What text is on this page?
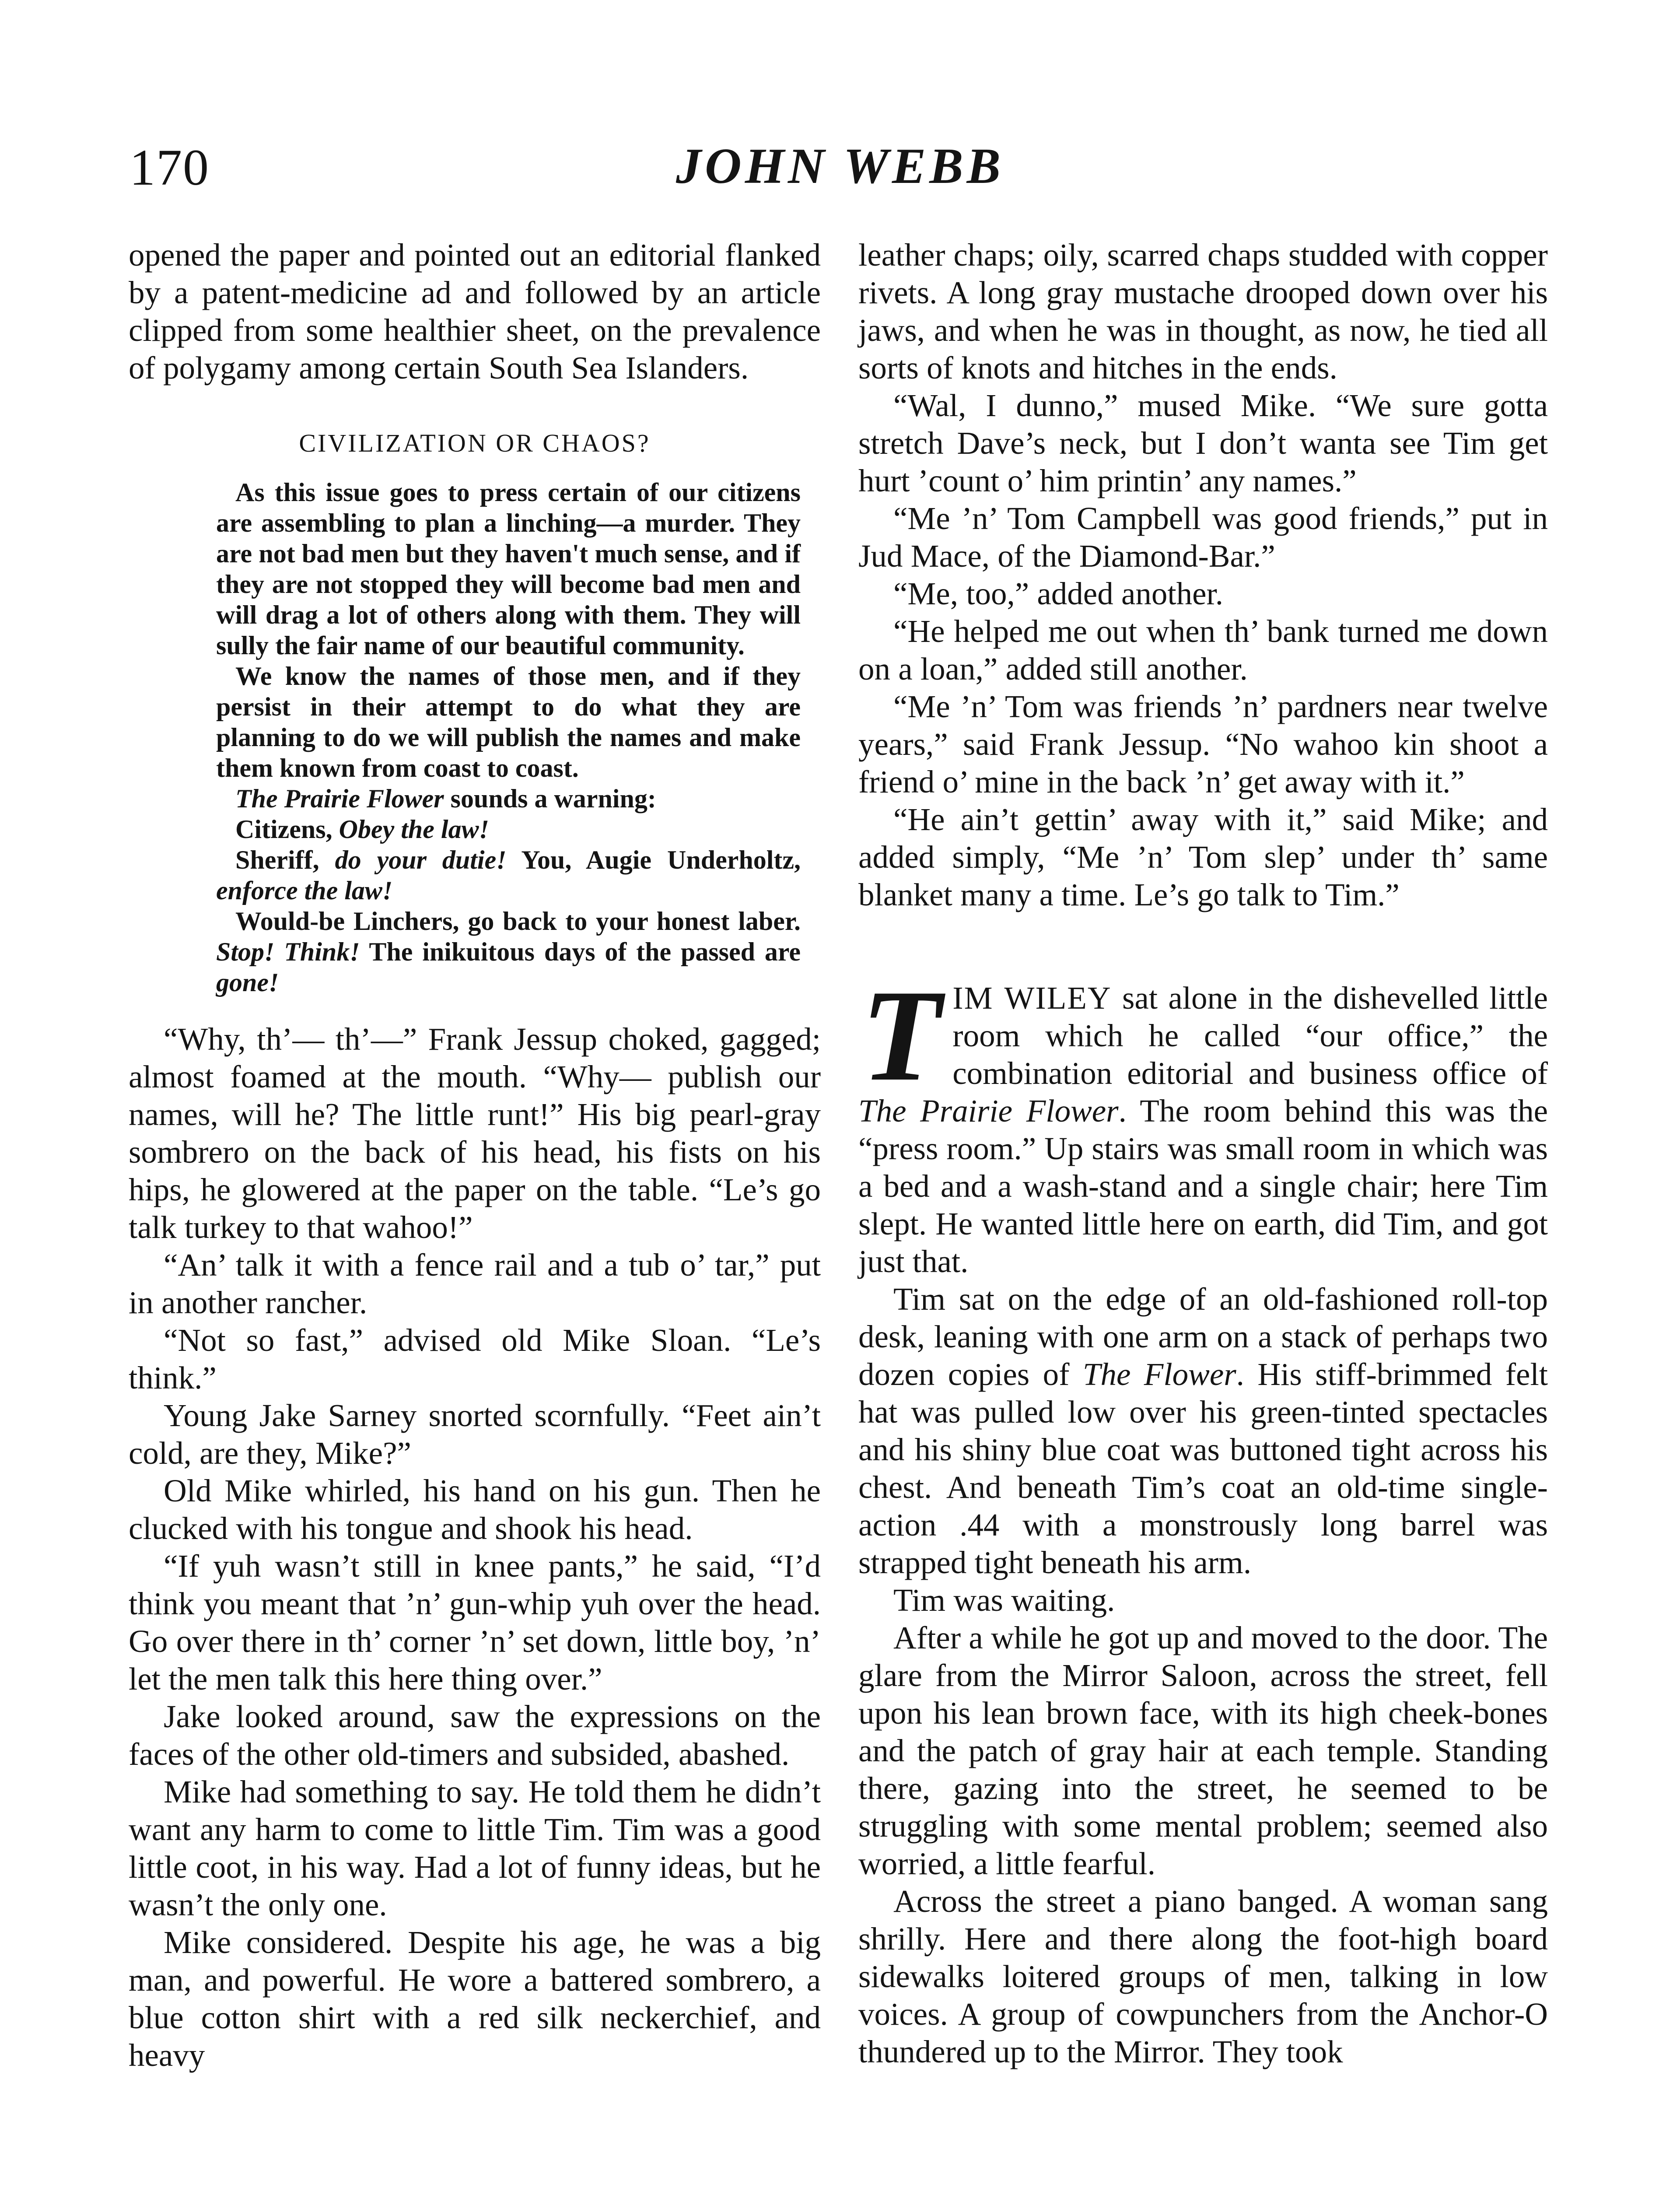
170	JOHN WEBB

opened the paper and pointed out an editorial flanked by a patent-medicine ad and followed by an article clipped from some healthier sheet, on the prevalence of polygamy among certain South Sea Islanders.

CIVILIZATION OR CHAOS?

As this issue goes to press certain of our citizens are assembling to plan a linching—a murder. They are not bad men but they haven't much sense, and if they are not stopped they will become bad men and will drag a lot of others along with them. They will sully the fair name of our beautiful community.

We know the names of those men, and if they persist in their attempt to do what they are planning to do we will publish the names and make them known from coast to coast.

The Prairie Flower sounds a warning:

Citizens, Obey the law!

Sheriff, do your dutie! You, Augie Underholtz, enforce the law!

Would-be Linchers, go back to your honest laber. Stop! Think! The inikuitous days of the passed are gone!

“Why, th’— th’—” Frank Jessup choked, gagged; almost foamed at the mouth. “Why— publish our names, will he? The little runt!” His big pearl-gray sombrero on the back of his head, his fists on his hips, he glowered at the paper on the table. “Le’s go talk turkey to that wahoo!”

“An’ talk it with a fence rail and a tub o’ tar,” put in another rancher.

“Not so fast,” advised old Mike Sloan. “Le’s think.”

Young Jake Sarney snorted scornfully. “Feet ain’t cold, are they, Mike?”

Old Mike whirled, his hand on his gun. Then he clucked with his tongue and shook his head.

“If yuh wasn’t still in knee pants,” he said, “I’d think you meant that ’n’ gun-whip yuh over the head. Go over there in th’ corner ’n’ set down, little boy, ’n’ let the men talk this here thing over.”

Jake looked around, saw the expressions on the faces of the other old-timers and subsided, abashed.

Mike had something to say. He told them he didn’t want any harm to come to little Tim. Tim was a good little coot, in his way. Had a lot of funny ideas, but he wasn’t the only one.

Mike considered. Despite his age, he was a big man, and powerful. He wore a battered sombrero, a blue cotton shirt with a red silk neckerchief, and heavy

leather chaps; oily, scarred chaps studded with copper rivets. A long gray mustache drooped down over his jaws, and when he was in thought, as now, he tied all sorts of knots and hitches in the ends.

“Wal, I dunno,” mused Mike. “We sure gotta stretch Dave’s neck, but I don’t wanta see Tim get hurt ’count o’ him printin’ any names.”

“Me ’n’ Tom Campbell was good friends,” put in Jud Mace, of the Diamond-Bar.”

“Me, too,” added another.

“He helped me out when th’ bank turned me down on a loan,” added still another.

“Me ’n’ Tom was friends ’n’ pardners near twelve years,” said Frank Jessup. “No wahoo kin shoot a friend o’ mine in the back ’n’ get away with it.”

“He ain’t gettin’ away with it,” said Mike; and added simply, “Me ’n’ Tom slep’ under th’ same blanket many a time. Le’s go talk to Tim.”

T IM WILEY sat alone in the dishevelled little room which he called “our office,” the combination editorial and business office of The Prairie Flower. The room behind this was the “press room.” Up stairs was small room in which was a bed and a wash-stand and a single chair; here Tim slept. He wanted little here on earth, did Tim, and got just that.

Tim sat on the edge of an old-fashioned roll-top desk, leaning with one arm on a stack of perhaps two dozen copies of The Flower. His stiff-brimmed felt hat was pulled low over his green-tinted spectacles and his shiny blue coat was buttoned tight across his chest. And beneath Tim’s coat an old-time single-action .44 with a monstrously long barrel was strapped tight beneath his arm.

Tim was waiting.

After a while he got up and moved to the door. The glare from the Mirror Saloon, across the street, fell upon his lean brown face, with its high cheek-bones and the patch of gray hair at each temple. Standing there, gazing into the street, he seemed to be struggling with some mental problem; seemed also worried, a little fearful.

Across the street a piano banged. A woman sang shrilly. Here and there along the foot-high board sidewalks loitered groups of men, talking in low voices. A group of cowpunchers from the Anchor-O thundered up to the Mirror. They took
